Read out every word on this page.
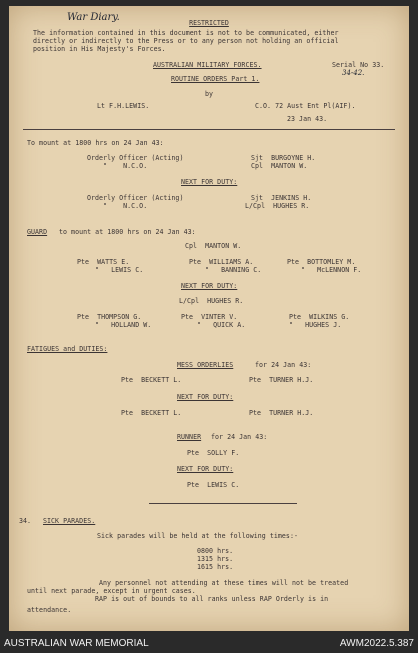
War Diary.
34-42.
RESTRICTED
The information contained in this document is not to be communicated, either
directly or indirectly to the Press or to any person not holding an official
position in His Majesty's Forces.
AUSTRALIAN MILITARY FORCES.	Serial No 33.
ROUTINE ORDERS Part 1.
by
Lt F.H.LEWIS.	C.O. 72 Aust Ent Pl(AIF).
23 Jan 43.
To mount at 1800 hrs on 24 Jan 43:
Orderly Officer (Acting)	Sjt  BURGOYNE H.
"    N.C.O.	Cpl  MANTON W.
NEXT FOR DUTY:
Orderly Officer (Acting)	Sjt  JENKINS H.
"    N.C.O.	L/Cpl  HUGHES R.
GUARD to mount at 1800 hrs on 24 Jan 43:
Cpl  MANTON W.
Pte  WATTS E.	Pte  WILLIAMS A.	Pte  BOTTOMLEY M.
"   LEWIS C.	"   BANNING C.	"   McLENNON F.
NEXT FOR DUTY:
L/Cpl  HUGHES R.
Pte  THOMPSON G.	Pte  VINTER V.	Pte  WILKINS G.
"   HOLLAND W.	"   QUICK A.	"   HUGHES J.
FATIGUES and DUTIES:
MESS ORDERLIES	for 24 Jan 43:
Pte  BECKETT L.	Pte  TURNER H.J.
NEXT FOR DUTY:
Pte  BECKETT L.	Pte  TURNER H.J.
RUNNER for 24 Jan 43:
Pte  SOLLY F.
NEXT FOR DUTY:
Pte  LEWIS C.
34. SICK PARADES.
Sick parades will be held at the following times:-
0800 hrs.
1315 hrs.
1615 hrs.
Any personnel not attending at these times will not be treated
until next parade, except in urgent cases.
RAP is out of bounds to all ranks unless RAP Orderly is in
attendance.
AUSTRALIAN WAR MEMORIAL	AWM2022.5.387
